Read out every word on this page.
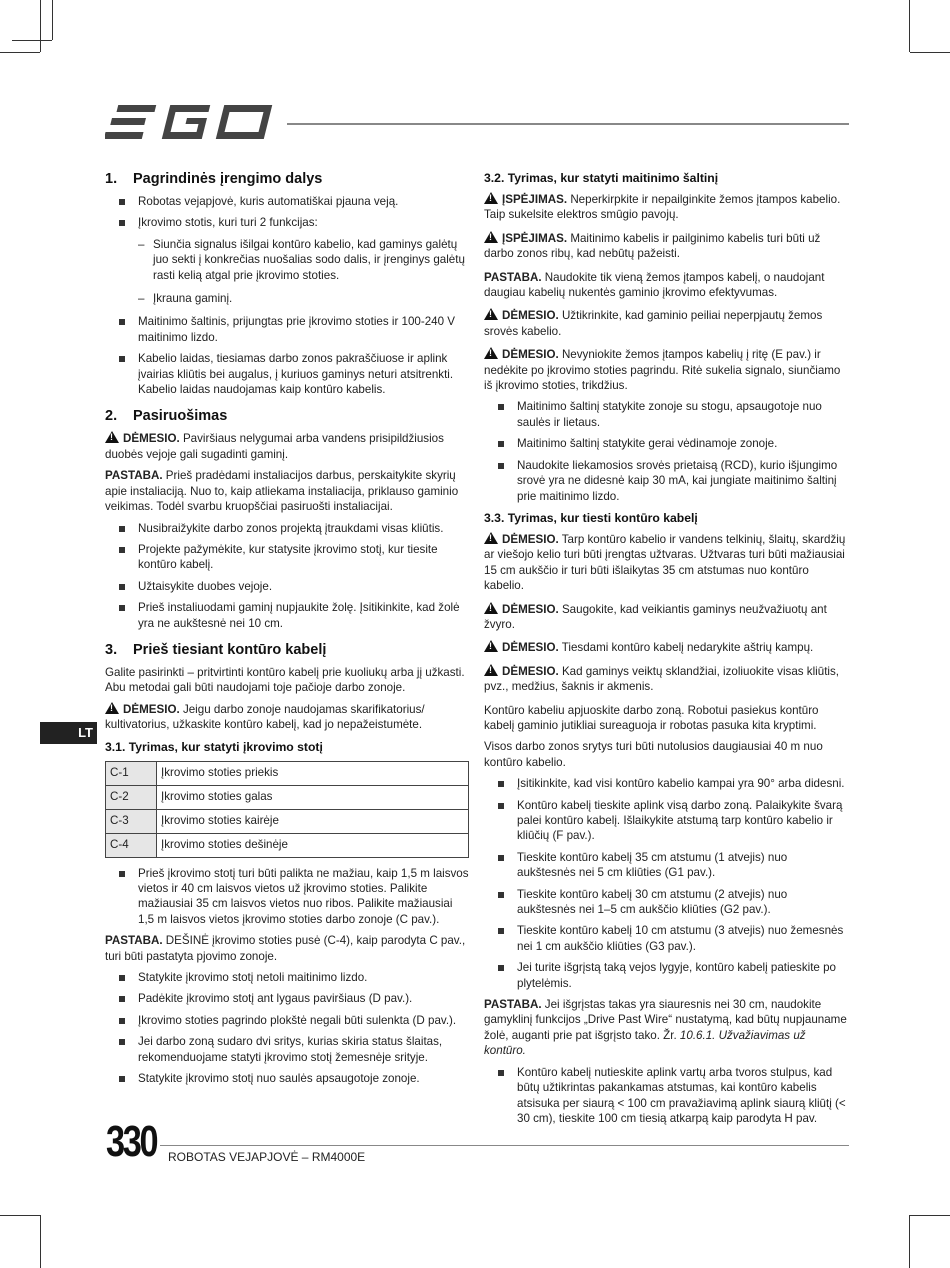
LT
1. Pagrindinės įrengimo dalys
Robotas vejapjovė, kuris automatiškai pjauna veją.
Įkrovimo stotis, kuri turi 2 funkcijas:
– Siunčia signalus išilgai kontūro kabelio, kad gaminys galėtų juo sekti į konkrečias nuošalias sodo dalis, ir įrenginys galėtų rasti kelią atgal prie įkrovimo stoties.
– Įkrauna gaminį.
Maitinimo šaltinis, prijungtas prie įkrovimo stoties ir 100-240 V maitinimo lizdo.
Kabelio laidas, tiesiamas darbo zonos pakraščiuose ir aplink įvairias kliūtis bei augalus, į kuriuos gaminys neturi atsitrenkti. Kabelio laidas naudojamas kaip kontūro kabelis.
2. Pasiruošimas

!DĖMESIO. Paviršiaus nelygumai arba vandens prisipildžiusios duobės vejoje gali sugadinti gaminį.

PASTABA. Prieš pradėdami instaliacijos darbus, perskaitykite skyrių apie instaliaciją. Nuo to, kaip atliekama instaliacija, priklauso gaminio veikimas. Todėl svarbu kruopščiai pasiruošti instaliacijai.

Nusibraižykite darbo zonos projektą įtraukdami visas kliūtis.
Projekte pažymėkite, kur statysite įkrovimo stotį, kur tiesite kontūro kabelį.
Užtaisykite duobes vejoje.
Prieš instaliuodami gaminį nupjaukite žolę. Įsitikinkite, kad žolė yra ne aukštesnė nei 10 cm.
3. Prieš tiesiant kontūro kabelį

Galite pasirinkti – pritvirtinti kontūro kabelį prie kuoliukų arba jį užkasti. Abu metodai gali būti naudojami toje pačioje darbo zonoje.

!DĖMESIO. Jeigu darbo zonoje naudojamas skarifikatorius/ kultivatorius, užkaskite kontūro kabelį, kad jo nepažeistumėte.

3.1. Tyrimas, kur statyti įkrovimo stotį
C-1	Įkrovimo stoties priekis
C-2	Įkrovimo stoties galas
C-3	Įkrovimo stoties kairėje
C-4	Įkrovimo stoties dešinėje
Prieš įkrovimo stotį turi būti palikta ne mažiau, kaip 1,5 m laisvos vietos ir 40 cm laisvos vietos už įkrovimo stoties. Palikite mažiausiai 35 cm laisvos vietos nuo ribos. Palikite mažiausiai 1,5 m laisvos vietos įkrovimo stoties darbo zonoje (C pav.).

PASTABA. DEŠINĖ įkrovimo stoties pusė (C-4), kaip parodyta C pav., turi būti pastatyta pjovimo zonoje.

Statykite įkrovimo stotį netoli maitinimo lizdo.
Padėkite įkrovimo stotį ant lygaus paviršiaus (D pav.).
Įkrovimo stoties pagrindo plokštė negali būti sulenkta (D pav.).
Jei darbo zoną sudaro dvi sritys, kurias skiria status šlaitas, rekomenduojame statyti įkrovimo stotį žemesnėje srityje.
Statykite įkrovimo stotį nuo saulės apsaugotoje zonoje.
3.2. Tyrimas, kur statyti maitinimo šaltinį

!ĮSPĖJIMAS. Neperkirpkite ir nepailginkite žemos įtampos kabelio. Taip sukelsite elektros smūgio pavojų.

!ĮSPĖJIMAS. Maitinimo kabelis ir pailginimo kabelis turi būti už darbo zonos ribų, kad nebūtų pažeisti.

PASTABA. Naudokite tik vieną žemos įtampos kabelį, o naudojant daugiau kabelių nukentės gaminio įkrovimo efektyvumas.

!DĖMESIO. Užtikrinkite, kad gaminio peiliai neperpjautų žemos srovės kabelio.

!DĖMESIO. Nevyniokite žemos įtampos kabelių į ritę (E pav.) ir nedėkite po įkrovimo stoties pagrindu. Ritė sukelia signalo, siunčiamo iš įkrovimo stoties, trikdžius.

Maitinimo šaltinį statykite zonoje su stogu, apsaugotoje nuo saulės ir lietaus.
Maitinimo šaltinį statykite gerai vėdinamoje zonoje.
Naudokite liekamosios srovės prietaisą (RCD), kurio išjungimo srovė yra ne didesnė kaip 30 mA, kai jungiate maitinimo šaltinį prie maitinimo lizdo.
3.3. Tyrimas, kur tiesti kontūro kabelį

!DĖMESIO. Tarp kontūro kabelio ir vandens telkinių, šlaitų, skardžių ar viešojo kelio turi būti įrengtas užtvaras. Užtvaras turi būti mažiausiai 15 cm aukščio ir turi būti išlaikytas 35 cm atstumas nuo kontūro kabelio.

!DĖMESIO. Saugokite, kad veikiantis gaminys neužvažiuotų ant žvyro.

!DĖMESIO. Tiesdami kontūro kabelį nedarykite aštrių kampų.

!DĖMESIO. Kad gaminys veiktų sklandžiai, izoliuokite visas kliūtis, pvz., medžius, šaknis ir akmenis.

Kontūro kabeliu apjuoskite darbo zoną. Robotui pasiekus kontūro kabelį gaminio jutikliai sureaguoja ir robotas pasuka kita kryptimi.

Visos darbo zonos srytys turi būti nutolusios daugiausiai 40 m nuo kontūro kabelio.

Įsitikinkite, kad visi kontūro kabelio kampai yra 90° arba didesni.
Kontūro kabelį tieskite aplink visą darbo zoną. Palaikykite švarą palei kontūro kabelį. Išlaikykite atstumą tarp kontūro kabelio ir kliūčių (F pav.).
Tieskite kontūro kabelį 35 cm atstumu (1 atvejis) nuo aukštesnės nei 5 cm kliūties (G1 pav.).
Tieskite kontūro kabelį 30 cm atstumu (2 atvejis) nuo aukštesnės nei 1–5 cm aukščio kliūties (G2 pav.).
Tieskite kontūro kabelį 10 cm atstumu (3 atvejis) nuo žemesnės nei 1 cm aukščio kliūties (G3 pav.).
Jei turite išgrįstą taką vejos lygyje, kontūro kabelį patieskite po plytelėmis.

PASTABA. Jei išgrįstas takas yra siauresnis nei 30 cm, naudokite gamyklinį funkcijos „Drive Past Wire“ nustatymą, kad būtų nupjauname žolė, auganti prie pat išgrįsto tako. Žr. 10.6.1. Užvažiavimas už kontūro.

Kontūro kabelį nutieskite aplink vartų arba tvoros stulpus, kad būtų užtikrintas pakankamas atstumas, kai kontūro kabelis atsisuka per siaurą < 100 cm pravažiavimą aplink siaurą kliūtį (< 30 cm), tieskite 100 cm tiesią atkarpą kaip parodyta H pav.
330 ROBOTAS VEJAPJOVĖ – RM4000E
